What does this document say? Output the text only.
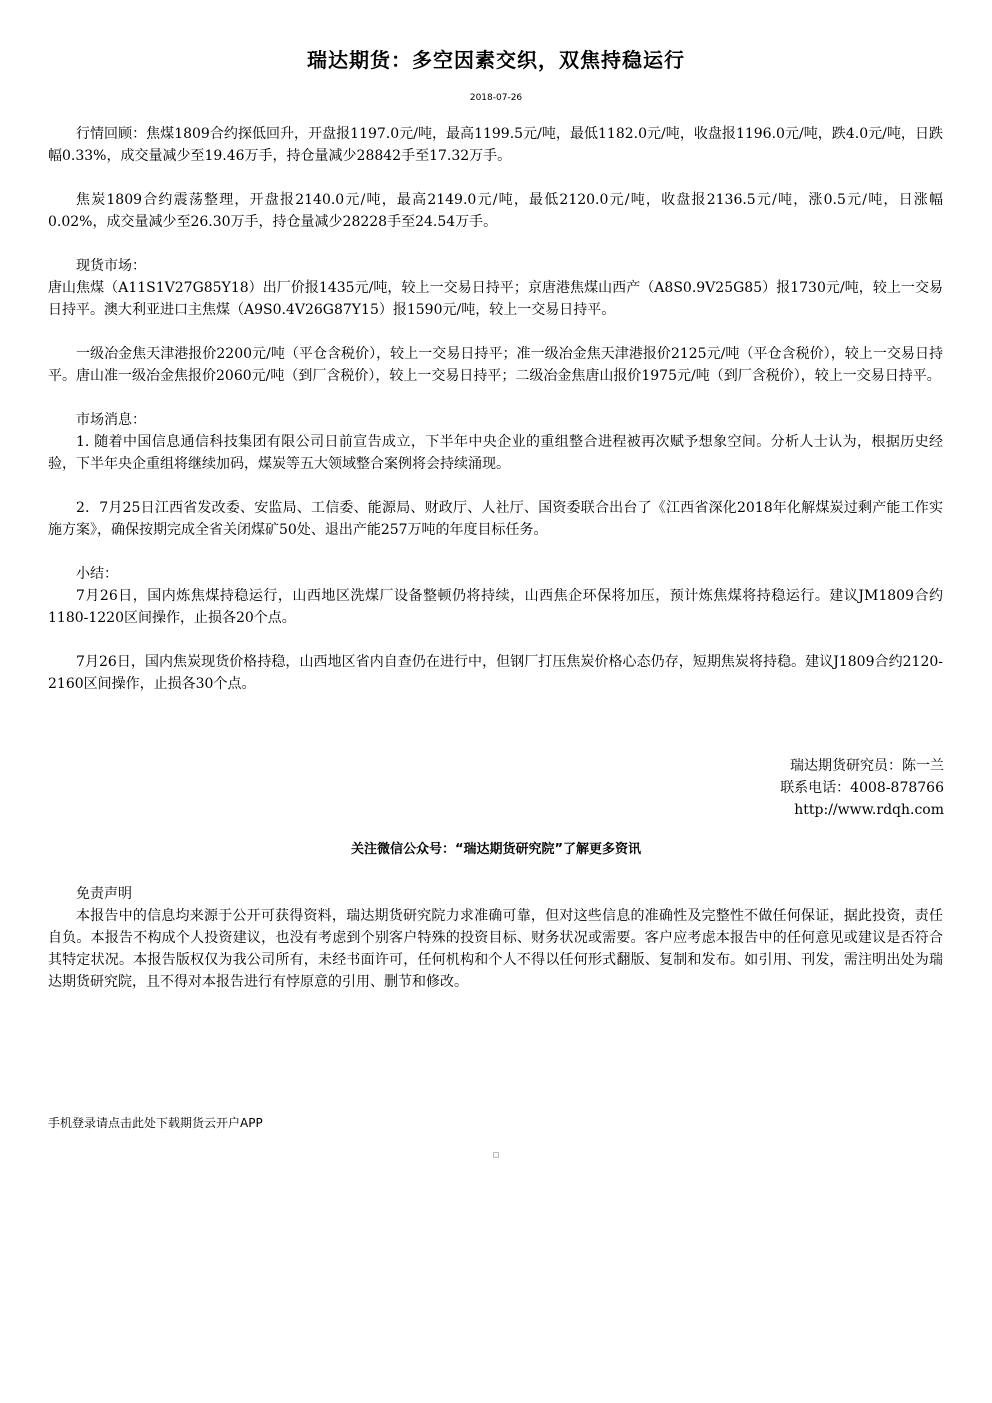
瑞达期货：多空因素交织，双焦持稳运行
2018-07-26

行情回顾：焦煤1809合约探低回升，开盘报1197.0元/吨，最高1199.5元/吨，最低1182.0元/吨，收盘报1196.0元/吨，跌4.0元/吨，日跌幅0.33%，成交量减少至19.46万手，持仓量减少28842手至17.32万手。

焦炭1809合约震荡整理，开盘报2140.0元/吨，最高2149.0元/吨，最低2120.0元/吨，收盘报2136.5元/吨，涨0.5元/吨，日涨幅0.02%，成交量减少至26.30万手，持仓量减少28228手至24.54万手。

现货市场：

唐山焦煤（A11S1V27G85Y18）出厂价报1435元/吨，较上一交易日持平；京唐港焦煤山西产（A8S0.9V25G85）报1730元/吨，较上一交易日持平。澳大利亚进口主焦煤（A9S0.4V26G87Y15）报1590元/吨，较上一交易日持平。

一级冶金焦天津港报价2200元/吨（平仓含税价），较上一交易日持平；准一级冶金焦天津港报价2125元/吨（平仓含税价），较上一交易日持平。唐山准一级冶金焦报价2060元/吨（到厂含税价），较上一交易日持平；二级冶金焦唐山报价1975元/吨（到厂含税价），较上一交易日持平。

市场消息：

1. 随着中国信息通信科技集团有限公司日前宣告成立，下半年中央企业的重组整合进程被再次赋予想象空间。分析人士认为，根据历史经验，下半年央企重组将继续加码，煤炭等五大领域整合案例将会持续涌现。

2．7月25日江西省发改委、安监局、工信委、能源局、财政厅、人社厅、国资委联合出台了《江西省深化2018年化解煤炭过剩产能工作实施方案》，确保按期完成全省关闭煤矿50处、退出产能257万吨的年度目标任务。

小结：

7月26日，国内炼焦煤持稳运行，山西地区洗煤厂设备整顿仍将持续，山西焦企环保将加压，预计炼焦煤将持稳运行。建议JM1809合约1180-1220区间操作，止损各20个点。

7月26日，国内焦炭现货价格持稳，山西地区省内自查仍在进行中，但钢厂打压焦炭价格心态仍存，短期焦炭将持稳。建议J1809合约2120-2160区间操作，止损各30个点。

瑞达期货研究员：陈一兰
联系电话：4008-878766
http://www.rdqh.com
关注微信公众号：“瑞达期货研究院”了解更多资讯

免责声明

本报告中的信息均来源于公开可获得资料，瑞达期货研究院力求准确可靠，但对这些信息的准确性及完整性不做任何保证，据此投资，责任自负。本报告不构成个人投资建议，也没有考虑到个别客户特殊的投资目标、财务状况或需要。客户应考虑本报告中的任何意见或建议是否符合其特定状况。本报告版权仅为我公司所有，未经书面许可，任何机构和个人不得以任何形式翻版、复制和发布。如引用、刊发，需注明出处为瑞达期货研究院，且不得对本报告进行有悖原意的引用、删节和修改。

手机登录请点击此处下载期货云开户APP
